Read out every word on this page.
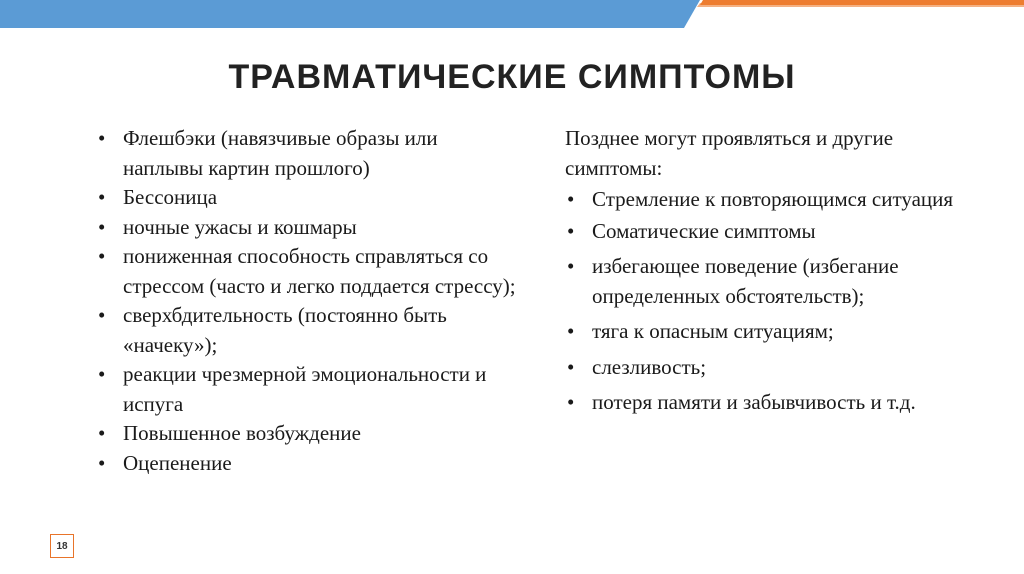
ТРАВМАТИЧЕСКИЕ СИМПТОМЫ
• Флешбэки (навязчивые образы или наплывы картин прошлого)
• Бессоница
• ночные ужасы и кошмары
• пониженная способность справляться со стрессом (часто и легко поддается стрессу);
• сверхбдительность (постоянно быть «начеку»);
• реакции чрезмерной эмоциональности и испуга
• Повышенное возбуждение
• Оцепенение

Позднее могут проявляться и другие симптомы:

• Стремление к повторяющимся ситуация
• Соматические симптомы
• избегающее поведение (избегание определенных обстоятельств);
• тяга к опасным ситуациям;
• слезливость;
• потеря памяти и забывчивость и т.д.
18
